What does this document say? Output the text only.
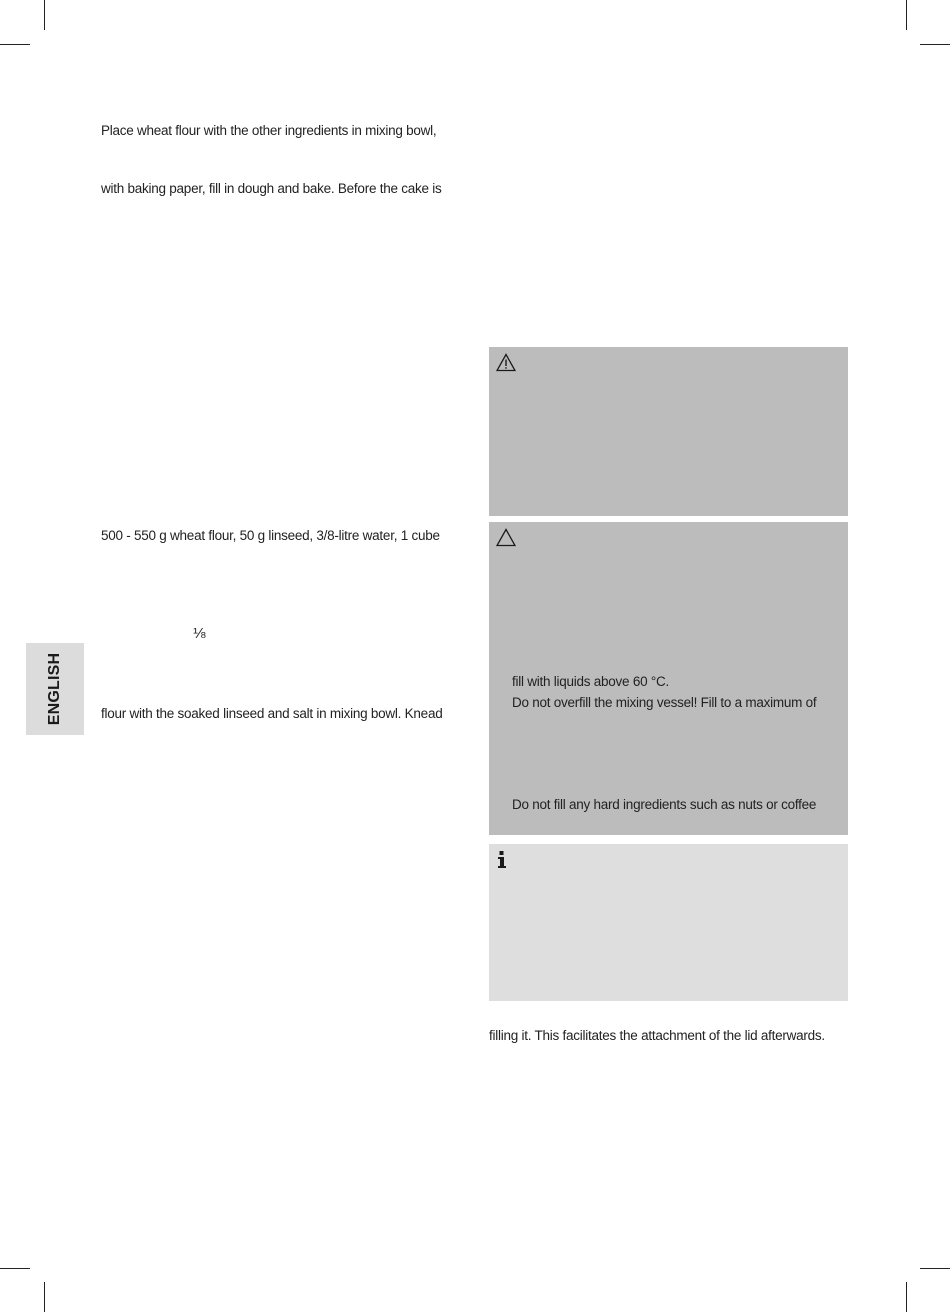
Place wheat flour with the other ingredients in mixing bowl,

with baking paper, fill in dough and bake. Before the cake is

500 - 550 g wheat flour, 50 g linseed, 3/8-litre water, 1 cube

⅛

flour with the soaked linseed and salt in mixing bowl. Knead

ENGLISH	fill with liquids above 60 °C.

Do not overfill the mixing vessel! Fill to a maximum of

Do not fill any hard ingredients such as nuts or coffee

filling it. This facilitates the attachment of the lid afterwards.
